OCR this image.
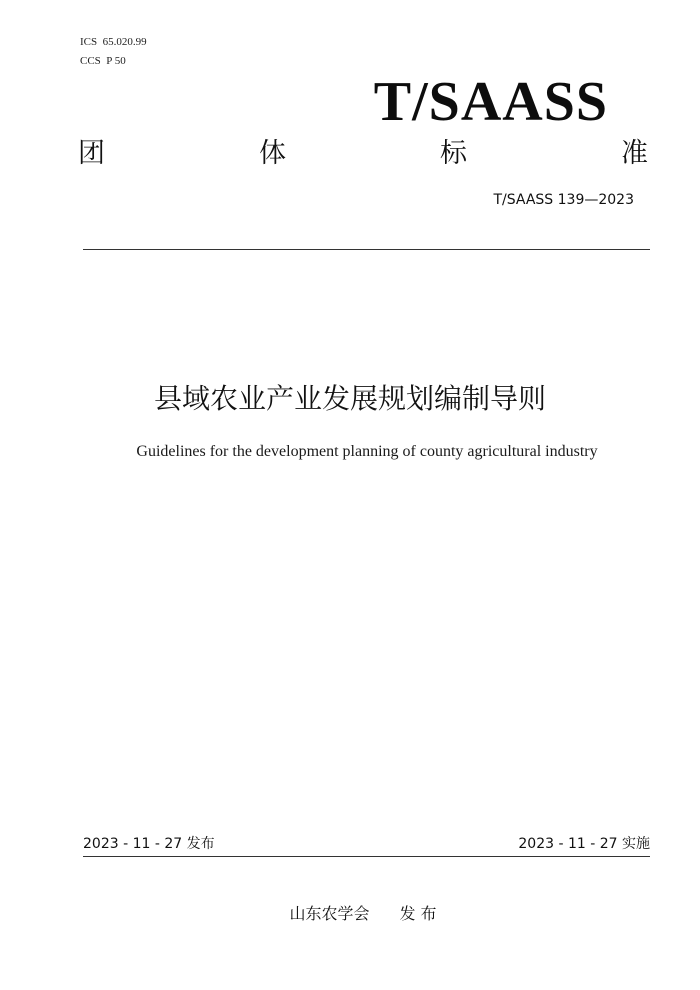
ICS  65.020.99
CCS  P 50
T/SAASS
团	体	标	准
T/SAASS 139—2023
县域农业产业发展规划编制导则
Guidelines for the development planning of county agricultural industry
2023 - 11 - 27 发布	2023 - 11 - 27 实施
山东农学会 发 布
